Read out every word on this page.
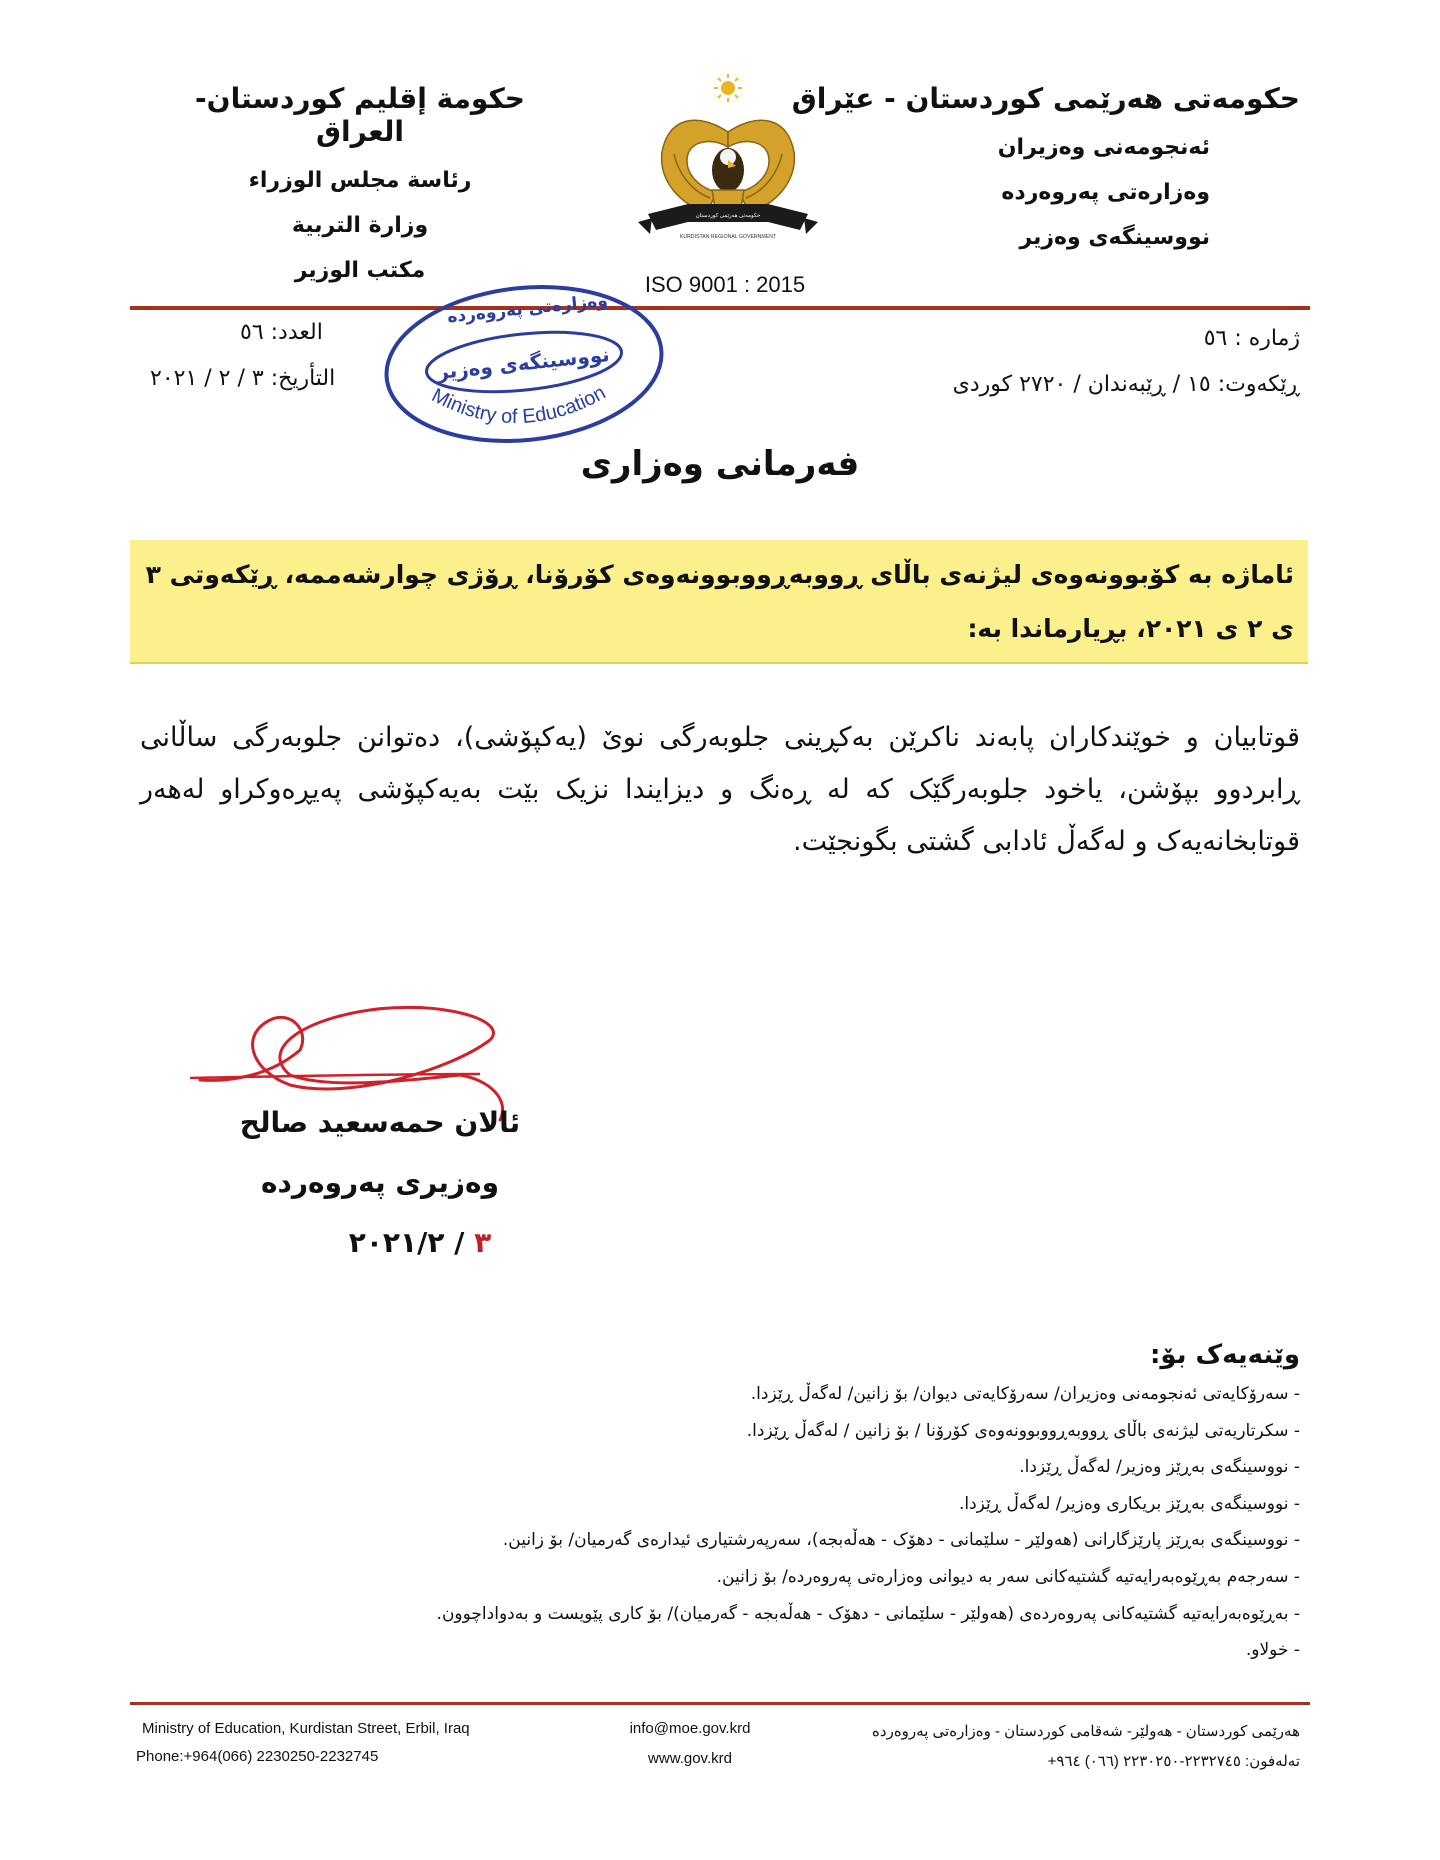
حکومەتی هەرێمی کوردستان - عێراق
ئەنجومەنی وەزیران
وەزارەتی پەروەردە
نووسینگەی وەزیر
حكومة إقليم كوردستان- العراق
رئاسة مجلس الوزراء
وزارة التربية
مكتب الوزير
حکومەتی هەرێمی کوردستان
KURDISTAN REGIONAL GOVERNMENT
ISO 9001 : 2015
ژمارە : ٥٦
ڕێکەوت: ١٥ / ڕێبەندان / ٢٧٢٠ کوردی
العدد: ٥٦
التأريخ: ٣ / ٢ / ٢٠٢١
وەزارەتی پەروەردە
نووسینگەی وەزیر
Ministry of Education
فەرمانی وەزاری
ئاماژە بە کۆبوونەوەی لیژنەی باڵای ڕووبەڕووبوونەوەی کۆرۆنا، ڕۆژی چوارشەممە، ڕێکەوتی ٣ ی ٢ ی ٢٠٢١، بڕیارماندا بە:
قوتابیان و خوێندکاران پابەند ناکرێن بەکڕینی جلوبەرگی نوێ (یەکپۆشی)، دەتوانن جلوبەرگی ساڵانی ڕابردوو بپۆشن، یاخود جلوبەرگێک کە لە ڕەنگ و دیزایندا نزیک بێت بەیەکپۆشی پەیڕەوکراو لەهەر قوتابخانەیەک و لەگەڵ ئادابی گشتی بگونجێت.
ئالان حمەسعید صالح
وەزیری پەروەردە
٣ / ٢٠٢١/٢
وێنەیەک بۆ:
- سەرۆکایەتی ئەنجومەنی وەزیران/ سەرۆکایەتی دیوان/ بۆ زانین/ لەگەڵ ڕێزدا.
- سکرتاریەتی لیژنەی باڵای ڕووبەڕووبوونەوەی کۆرۆنا / بۆ زانین / لەگەڵ ڕێزدا.
- نووسینگەی بەڕێز وەزیر/ لەگەڵ ڕێزدا.
- نووسینگەی بەڕێز بریکاری وەزیر/ لەگەڵ ڕێزدا.
- نووسینگەی بەڕێز پارێزگارانی (هەولێر - سلێمانی - دهۆک - هەڵەبجە)، سەرپەرشتیاری ئیدارەی گەرمیان/ بۆ زانین.
- سەرجەم بەڕێوەبەرایەتیە گشتیەکانی سەر بە دیوانی وەزارەتی پەروەردە/ بۆ زانین.
- بەڕێوەبەرایەتیە گشتیەکانی پەروەردەی (هەولێر - سلێمانی - دهۆک - هەڵەبجە - گەرمیان)/ بۆ کاری پێویست و بەدواداچوون.
- خولاو.
Ministry of Education, Kurdistan Street, Erbil, Iraq
Phone:+964(066) 2230250-2232745
info@moe.gov.krd
www.gov.krd
هەرێمی کوردستان - هەولێر- شەقامی کوردستان - وەزارەتی پەروەردە
تەلەفون: ٢٢٣٢٧٤٥-٢٢٣٠٢٥٠ (٠٦٦) ٩٦٤+
